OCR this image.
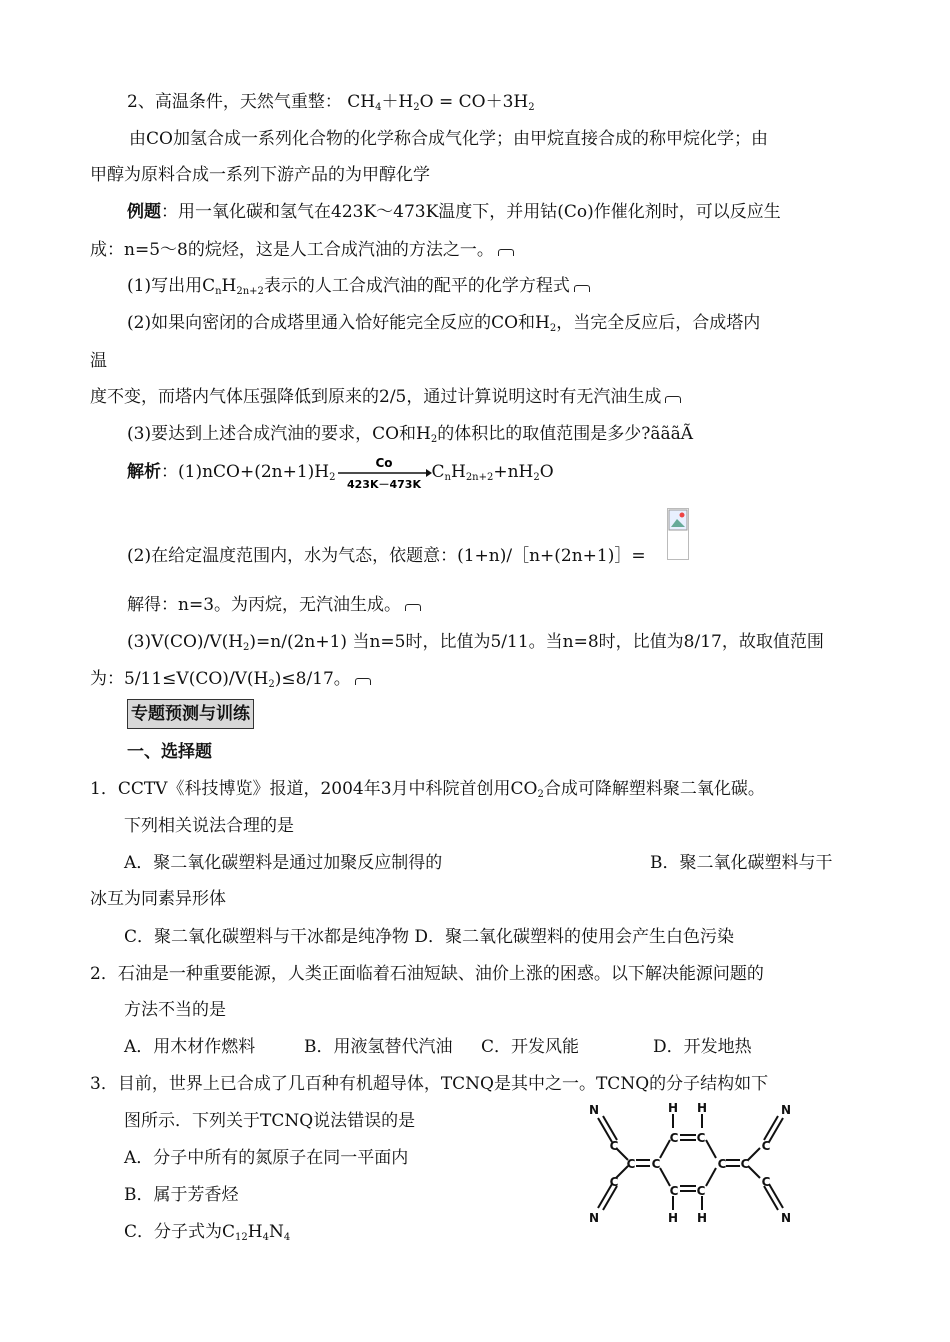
2、高温条件，天然气重整： $CH_4+H_2O = CO+3H_2$
由CO加氢合成一系列化合物的化学称合成气化学；由甲烷直接合成的称甲烷化学；由
甲醇为原料合成一系列下游产品的为甲醇化学
例题：用一氧化碳和氢气在423K～473K温度下，并用钴(Co)作催化剂时，可以反应生
成：n=5～8的烷烃，这是人工合成汽油的方法之一。
(1)写出用$C_nH_{2n+2}$表示的人工合成汽油的配平的化学方程式
(2)如果向密闭的合成塔里通入恰好能完全反应的CO和$H_2$，当完全反应后，合成塔内
温
度不变，而塔内气体压强降低到原来的2/5，通过计算说明这时有无汽油生成
(3)要达到上述合成汽油的要求，CO和$H_2$的体积比的取值范围是多少?ãããÃ
解析：$(1)nCO+(2n+1)H_2$
Co
423K－473K
$C_nH_{2n+2}+nH_2O$
(2)在给定温度范围内，水为气态，依题意：(1+n)/［n+(2n+1)］=
解得：n=3。为丙烷，无汽油生成。
$(3)V(CO)/V(H_2)=n/(2n+1)$ 当n=5时，比值为5/11。当n=8时，比值为8/17，故取值范围
为：$5/11\le V(CO)/V(H_2)\le 8/17$。
专题预测与训练
一、选择题
1．CCTV《科技博览》报道，2004年3月中科院首创用$CO_2$合成可降解塑料聚二氧化碳。
下列相关说法合理的是
A．聚二氧化碳塑料是通过加聚反应制得的	B．聚二氧化碳塑料与干
冰互为同素异形体
C．聚二氧化碳塑料与干冰都是纯净物 D．聚二氧化碳塑料的使用会产生白色污染
2．石油是一种重要能源，人类正面临着石油短缺、油价上涨的困惑。以下解决能源问题的
方法不当的是
A．用木材作燃料	B．用液氢替代汽油 C．开发风能	D．开发地热
3．目前，世界上已合成了几百种有机超导体，TCNQ是其中之一。TCNQ的分子结构如下
图所示．下列关于TCNQ说法错误的是
A．分子中所有的氮原子在同一平面内
B．属于芳香烃
C．分子式为$C_{12}H_4N_4$
N
N
N
N
C
C
C
C
C C	C C
C C
C C
H H
H H
